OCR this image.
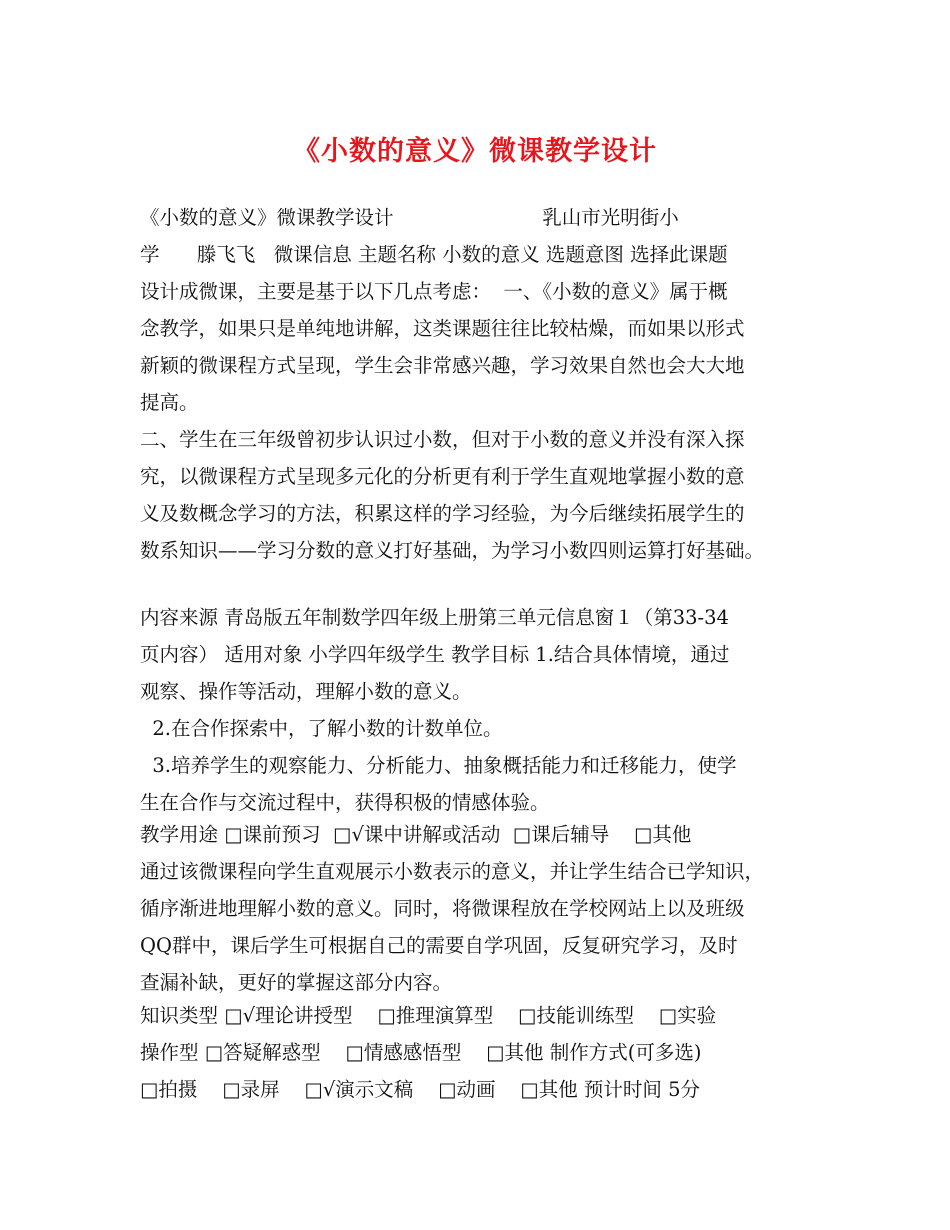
《小数的意义》微课教学设计
《小数的意义》微课教学设计                        乳山市光明街小
学      滕飞飞   微课信息 主题名称 小数的意义 选题意图 选择此课题
设计成微课，主要是基于以下几点考虑：  一、《小数的意义》属于概
念教学，如果只是单纯地讲解，这类课题往往比较枯燥，而如果以形式
新颖的微课程方式呈现，学生会非常感兴趣，学习效果自然也会大大地
提高。
二、学生在三年级曾初步认识过小数，但对于小数的意义并没有深入探
究，以微课程方式呈现多元化的分析更有利于学生直观地掌握小数的意
义及数概念学习的方法，积累这样的学习经验，为今后继续拓展学生的
数系知识——学习分数的意义打好基础，为学习小数四则运算打好基础。
内容来源 青岛版五年制数学四年级上册第三单元信息窗１（第33-34
页内容） 适用对象 小学四年级学生 教学目标 1.结合具体情境，通过
观察、操作等活动，理解小数的意义。
2.在合作探索中，了解小数的计数单位。
3.培养学生的观察能力、分析能力、抽象概括能力和迁移能力，使学
生在合作与交流过程中，获得积极的情感体验。
教学用途 □课前预习  □√课中讲解或活动  □课后辅导    □其他
通过该微课程向学生直观展示小数表示的意义，并让学生结合已学知识，
循序渐进地理解小数的意义。同时，将微课程放在学校网站上以及班级
QQ群中，课后学生可根据自己的需要自学巩固，反复研究学习，及时
查漏补缺，更好的掌握这部分内容。
知识类型 □√理论讲授型    □推理演算型    □技能训练型    □实验
操作型 □答疑解惑型    □情感感悟型    □其他 制作方式(可多选)
□拍摄    □录屏    □√演示文稿    □动画    □其他 预计时间 5分
